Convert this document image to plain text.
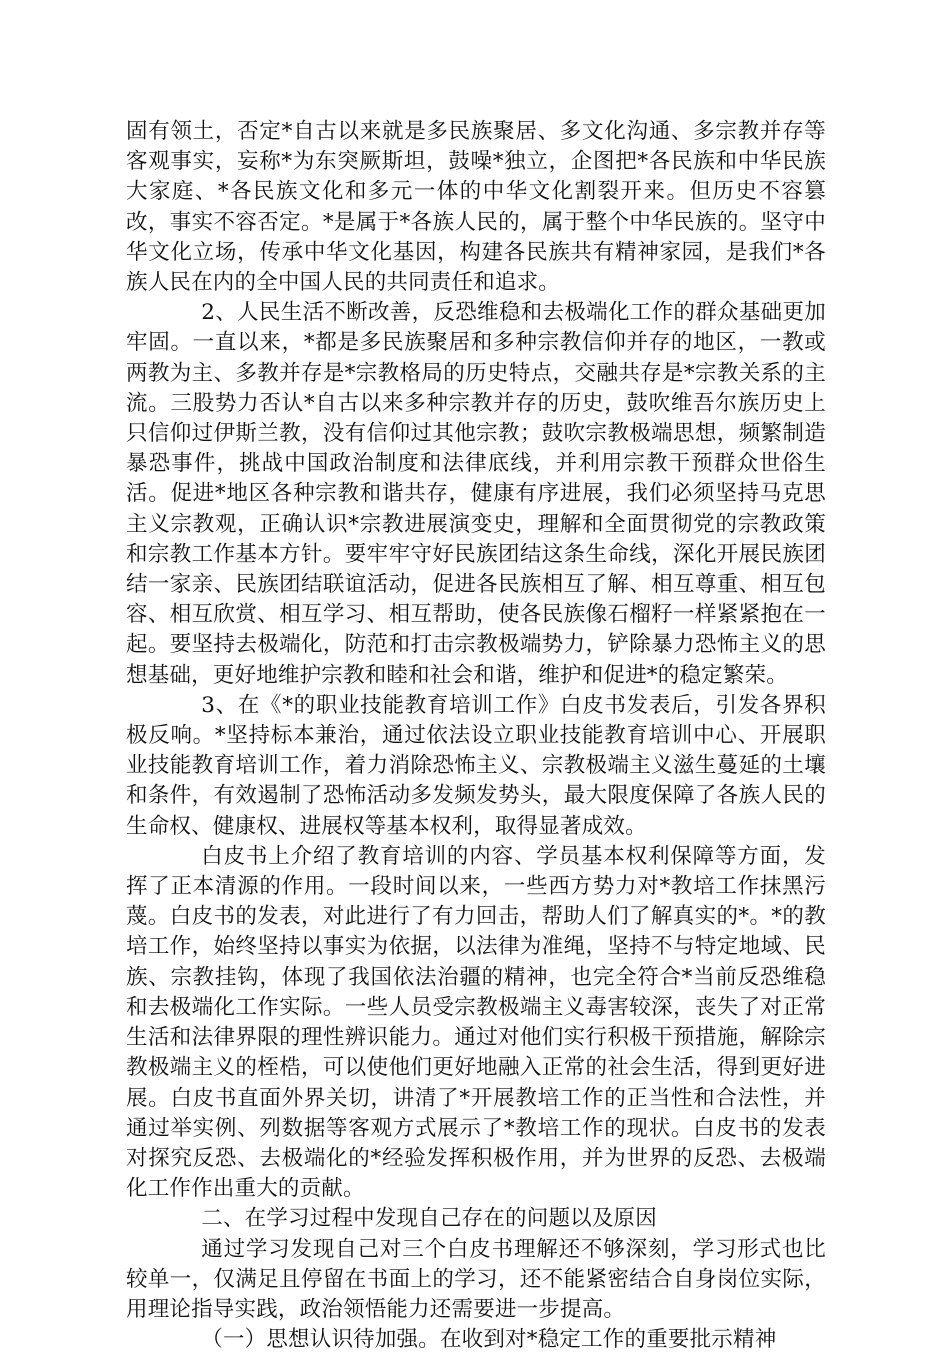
固有领土，否定*自古以来就是多民族聚居、多文化沟通、多宗教并存等客观事实，妄称*为东突厥斯坦，鼓噪*独立，企图把*各民族和中华民族大家庭、*各民族文化和多元一体的中华文化割裂开来。但历史不容篡改，事实不容否定。*是属于*各族人民的，属于整个中华民族的。坚守中华文化立场，传承中华文化基因，构建各民族共有精神家园，是我们*各族人民在内的全中国人民的共同责任和追求。

2、人民生活不断改善，反恐维稳和去极端化工作的群众基础更加牢固。一直以来，*都是多民族聚居和多种宗教信仰并存的地区，一教或两教为主、多教并存是*宗教格局的历史特点，交融共存是*宗教关系的主流。三股势力否认*自古以来多种宗教并存的历史，鼓吹维吾尔族历史上只信仰过伊斯兰教，没有信仰过其他宗教；鼓吹宗教极端思想，频繁制造暴恐事件，挑战中国政治制度和法律底线，并利用宗教干预群众世俗生活。促进*地区各种宗教和谐共存，健康有序进展，我们必须坚持马克思主义宗教观，正确认识*宗教进展演变史，理解和全面贯彻党的宗教政策和宗教工作基本方针。要牢牢守好民族团结这条生命线，深化开展民族团结一家亲、民族团结联谊活动，促进各民族相互了解、相互尊重、相互包容、相互欣赏、相互学习、相互帮助，使各民族像石榴籽一样紧紧抱在一起。要坚持去极端化，防范和打击宗教极端势力，铲除暴力恐怖主义的思想基础，更好地维护宗教和睦和社会和谐，维护和促进*的稳定繁荣。

3、在《*的职业技能教育培训工作》白皮书发表后，引发各界积极反响。*坚持标本兼治，通过依法设立职业技能教育培训中心、开展职业技能教育培训工作，着力消除恐怖主义、宗教极端主义滋生蔓延的土壤和条件，有效遏制了恐怖活动多发频发势头，最大限度保障了各族人民的生命权、健康权、进展权等基本权利，取得显著成效。

白皮书上介绍了教育培训的内容、学员基本权利保障等方面，发挥了正本清源的作用。一段时间以来，一些西方势力对*教培工作抹黑污蔑。白皮书的发表，对此进行了有力回击，帮助人们了解真实的*。*的教培工作，始终坚持以事实为依据，以法律为准绳，坚持不与特定地域、民族、宗教挂钩，体现了我国依法治疆的精神，也完全符合*当前反恐维稳和去极端化工作实际。一些人员受宗教极端主义毒害较深，丧失了对正常生活和法律界限的理性辨识能力。通过对他们实行积极干预措施，解除宗教极端主义的桎梏，可以使他们更好地融入正常的社会生活，得到更好进展。白皮书直面外界关切，讲清了*开展教培工作的正当性和合法性，并通过举实例、列数据等客观方式展示了*教培工作的现状。白皮书的发表对探究反恐、去极端化的*经验发挥积极作用，并为世界的反恐、去极端化工作作出重大的贡献。

二、在学习过程中发现自己存在的问题以及原因

通过学习发现自己对三个白皮书理解还不够深刻，学习形式也比较单一，仅满足且停留在书面上的学习，还不能紧密结合自身岗位实际，用理论指导实践，政治领悟能力还需要进一步提高。

（一）思想认识待加强。在收到对*稳定工作的重要批示精神
